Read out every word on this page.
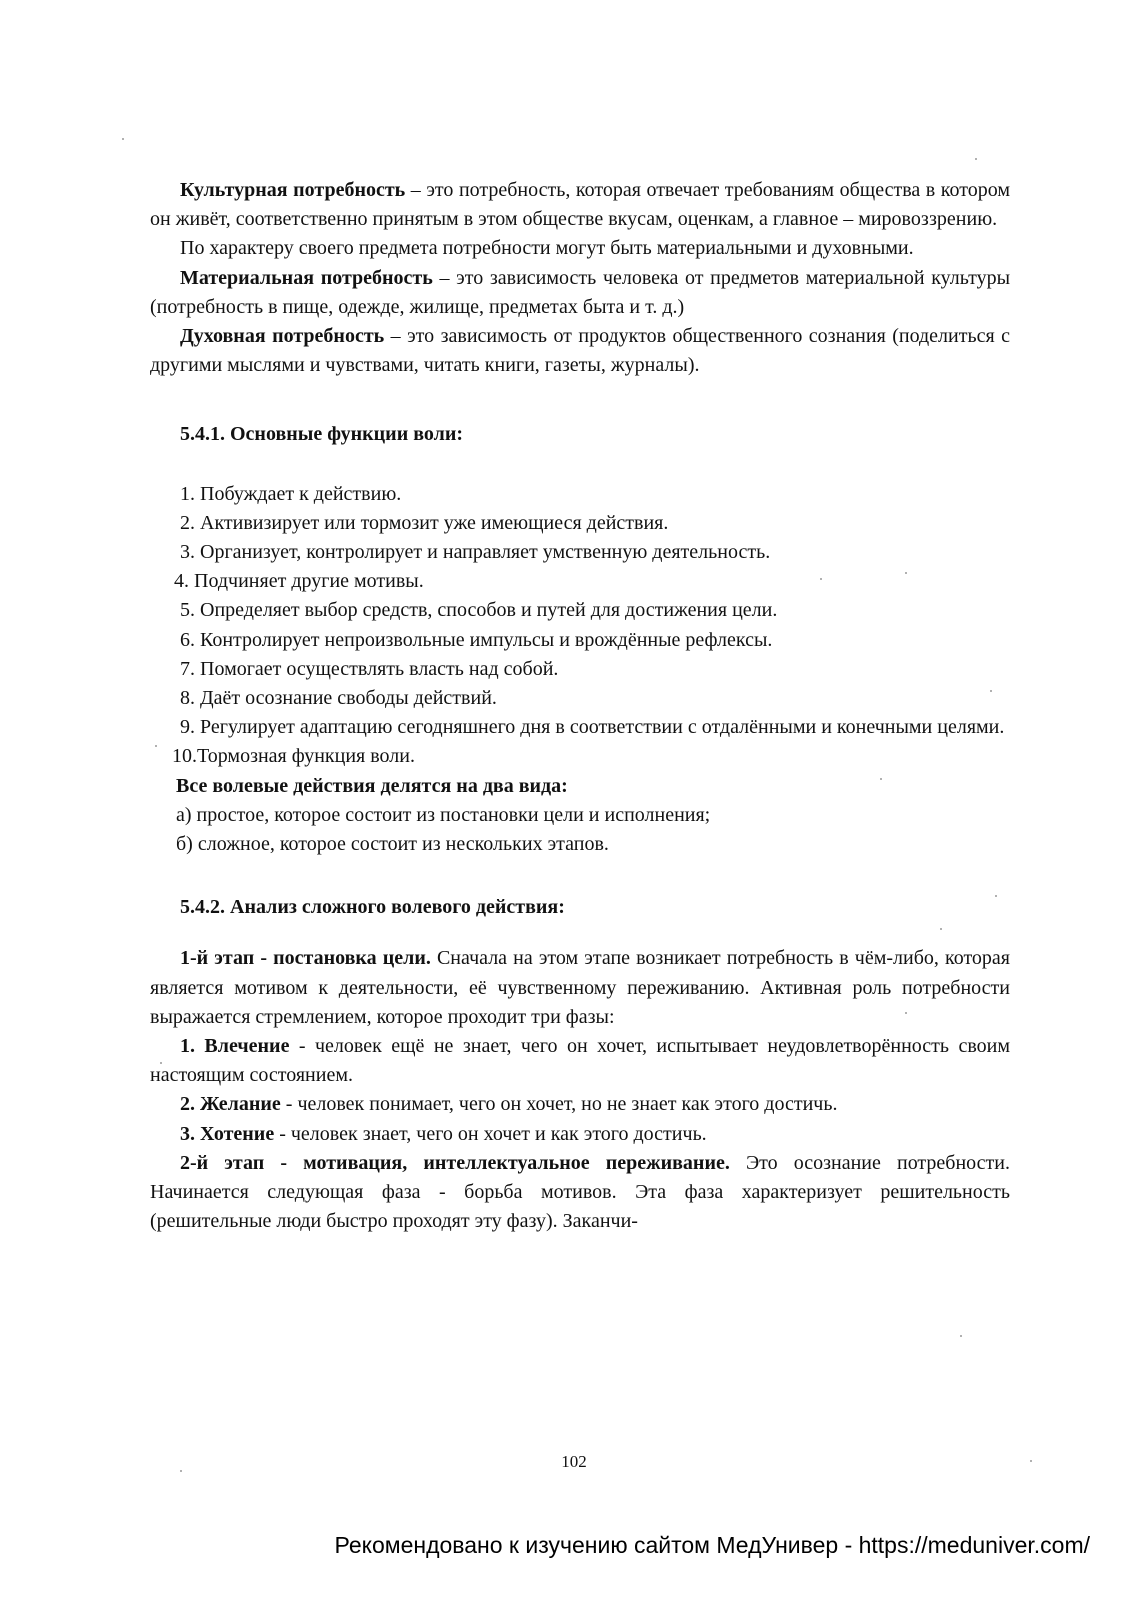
Культурная потребность – это потребность, которая отвечает требованиям общества в котором он живёт, соответственно принятым в этом обществе вкусам, оценкам, а главное – мировоззрению.

По характеру своего предмета потребности могут быть материальными и духовными.

Материальная потребность – это зависимость человека от предметов материальной культуры (потребность в пище, одежде, жилище, предметах быта и т. д.)

Духовная потребность – это зависимость от продуктов общественного сознания (поделиться с другими мыслями и чувствами, читать книги, газеты, журналы).

5.4.1. Основные функции воли:

1. Побуждает к действию.
2. Активизирует или тормозит уже имеющиеся действия.
3. Организует, контролирует и направляет умственную деятельность.
4. Подчиняет другие мотивы.
5. Определяет выбор средств, способов и путей для достижения цели.
6. Контролирует непроизвольные импульсы и врождённые рефлексы.
7. Помогает осуществлять власть над собой.
8. Даёт осознание свободы действий.
9. Регулирует адаптацию сегодняшнего дня в соответствии с отдалёнными и конечными целями.
10.Тормозная функция воли.
Все волевые действия делятся на два вида:
а) простое, которое состоит из постановки цели и исполнения;
б) сложное, которое состоит из нескольких этапов.

5.4.2. Анализ сложного волевого действия:

1-й этап - постановка цели. Сначала на этом этапе возникает потребность в чём-либо, которая является мотивом к деятельности, её чувственному переживанию. Активная роль потребности выражается стремлением, которое проходит три фазы:

1. Влечение - человек ещё не знает, чего он хочет, испытывает неудовлетворённость своим настоящим состоянием.

2. Желание - человек понимает, чего он хочет, но не знает как этого достичь.

3. Хотение - человек знает, чего он хочет и как этого достичь.

2-й этап - мотивация, интеллектуальное переживание. Это осознание потребности. Начинается следующая фаза - борьба мотивов. Эта фаза характеризует решительность (решительные люди быстро проходят эту фазу). Заканчи-

102
Рекомендовано к изучению сайтом МедУнивер - https://meduniver.com/
